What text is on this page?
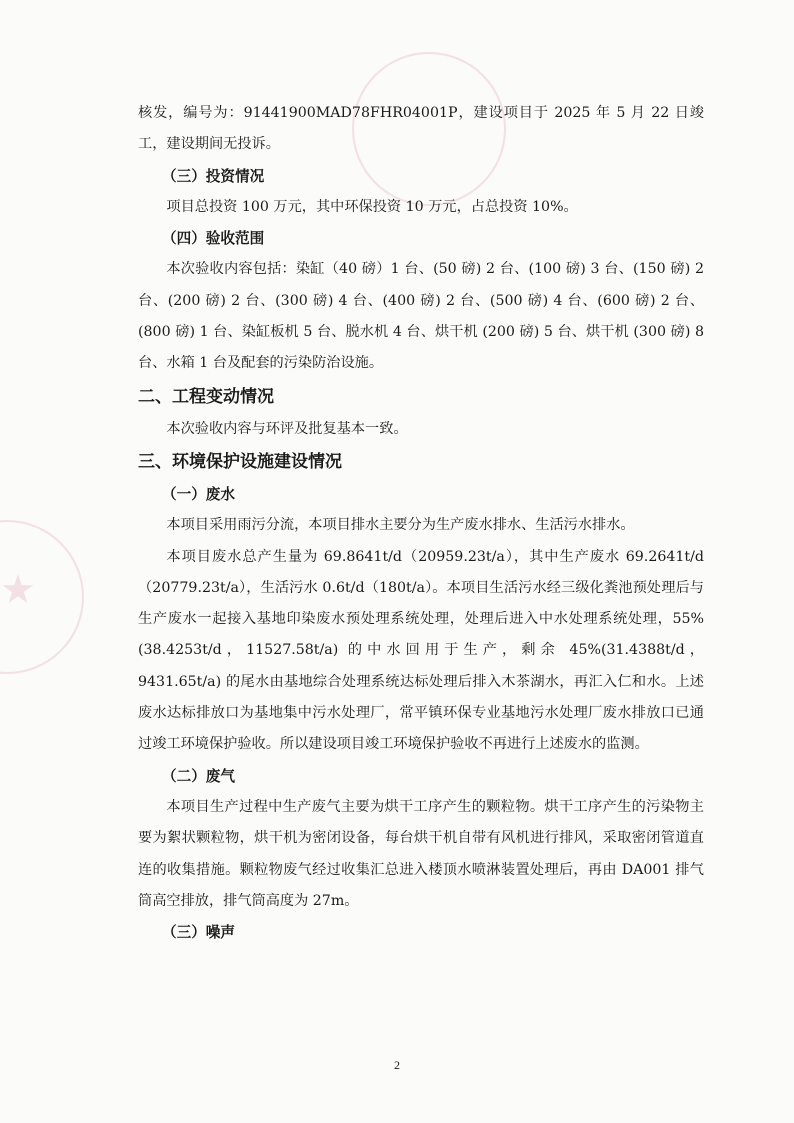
★

核发，编号为：91441900MAD78FHR04001P，建设项目于 2025 年 5 月 22 日竣工，建设期间无投诉。

（三）投资情况

项目总投资 100 万元，其中环保投资 10 万元，占总投资 10%。

（四）验收范围

本次验收内容包括：染缸（40 磅）1 台、(50 磅) 2 台、(100 磅) 3 台、(150 磅) 2 台、(200 磅) 2 台、(300 磅) 4 台、(400 磅) 2 台、(500 磅) 4 台、(600 磅) 2 台、(800 磅) 1 台、染缸板机 5 台、脱水机 4 台、烘干机 (200 磅) 5 台、烘干机 (300 磅) 8 台、水箱 1 台及配套的污染防治设施。

二、工程变动情况

本次验收内容与环评及批复基本一致。

三、环境保护设施建设情况

（一）废水

本项目采用雨污分流，本项目排水主要分为生产废水排水、生活污水排水。

本项目废水总产生量为 69.8641t/d（20959.23t/a），其中生产废水 69.2641t/d（20779.23t/a），生活污水 0.6t/d（180t/a）。本项目生活污水经三级化粪池预处理后与生产废水一起接入基地印染废水预处理系统处理，处理后进入中水处理系统处理，55%(38.4253t/d，11527.58t/a) 的中水回用于生产，剩余 45%(31.4388t/d，9431.65t/a) 的尾水由基地综合处理系统达标处理后排入木茶湖水，再汇入仁和水。上述废水达标排放口为基地集中污水处理厂，常平镇环保专业基地污水处理厂废水排放口已通过竣工环境保护验收。所以建设项目竣工环境保护验收不再进行上述废水的监测。

（二）废气

本项目生产过程中生产废气主要为烘干工序产生的颗粒物。烘干工序产生的污染物主要为絮状颗粒物，烘干机为密闭设备，每台烘干机自带有风机进行排风，采取密闭管道直连的收集措施。颗粒物废气经过收集汇总进入楼顶水喷淋装置处理后，再由 DA001 排气筒高空排放，排气筒高度为 27m。

（三）噪声

2
